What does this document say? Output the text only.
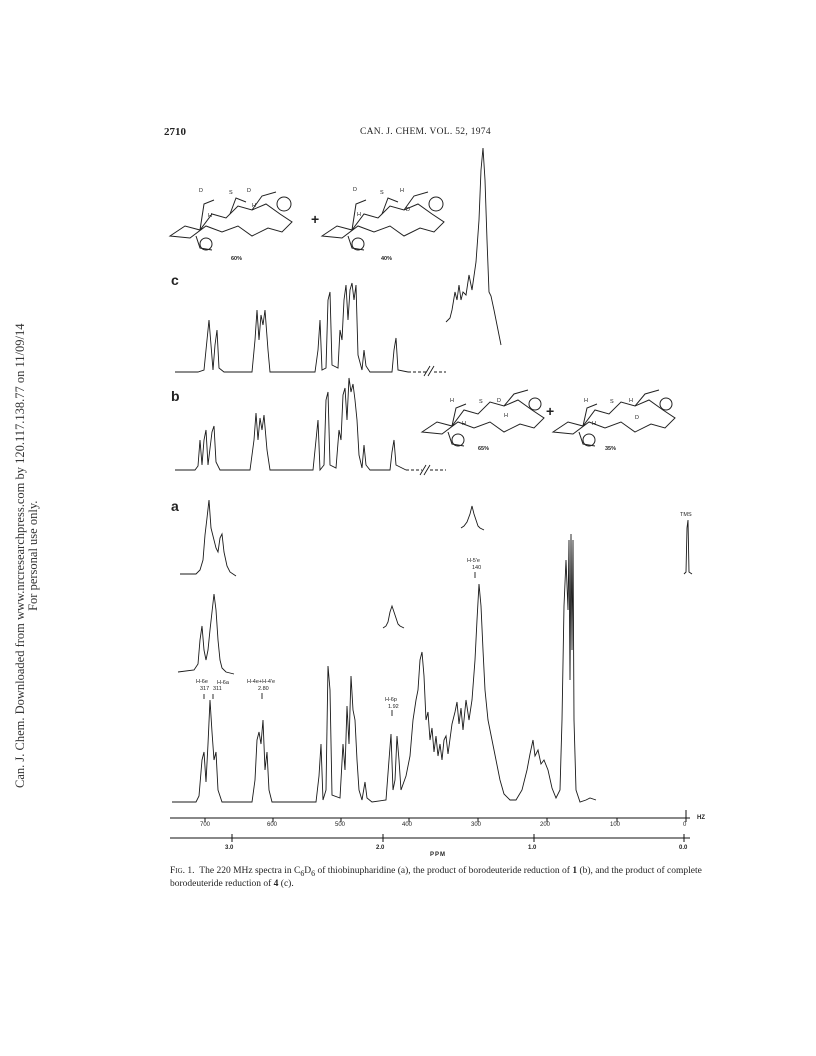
Can. J. Chem. Downloaded from www.nrcresearchpress.com by 120.117.138.77 on 11/09/14 For personal use only.
2710	CAN. J. CHEM. VOL. 52, 1974
c
b
a
60%
+
40%
65%
+
35%
D	S	D
H
H
D	S	H
D
H
H	S	D
H
H
H	S	H
D
H
H-6e
317
H-6a
311
H-4e+H-4'e
2.80
H-6p
1.92
H-5'e
140
TMS
700	600	500	400	300	200	100	0
HZ
3.0	2.0	1.0	0.0
PPM
Fig. 1. The 220 MHz spectra in $C_6D_6$ of thiobinupharidine (a), the product of borodeuteride reduction of 1 (b), and the product of complete borodeuteride reduction of 4 (c).
